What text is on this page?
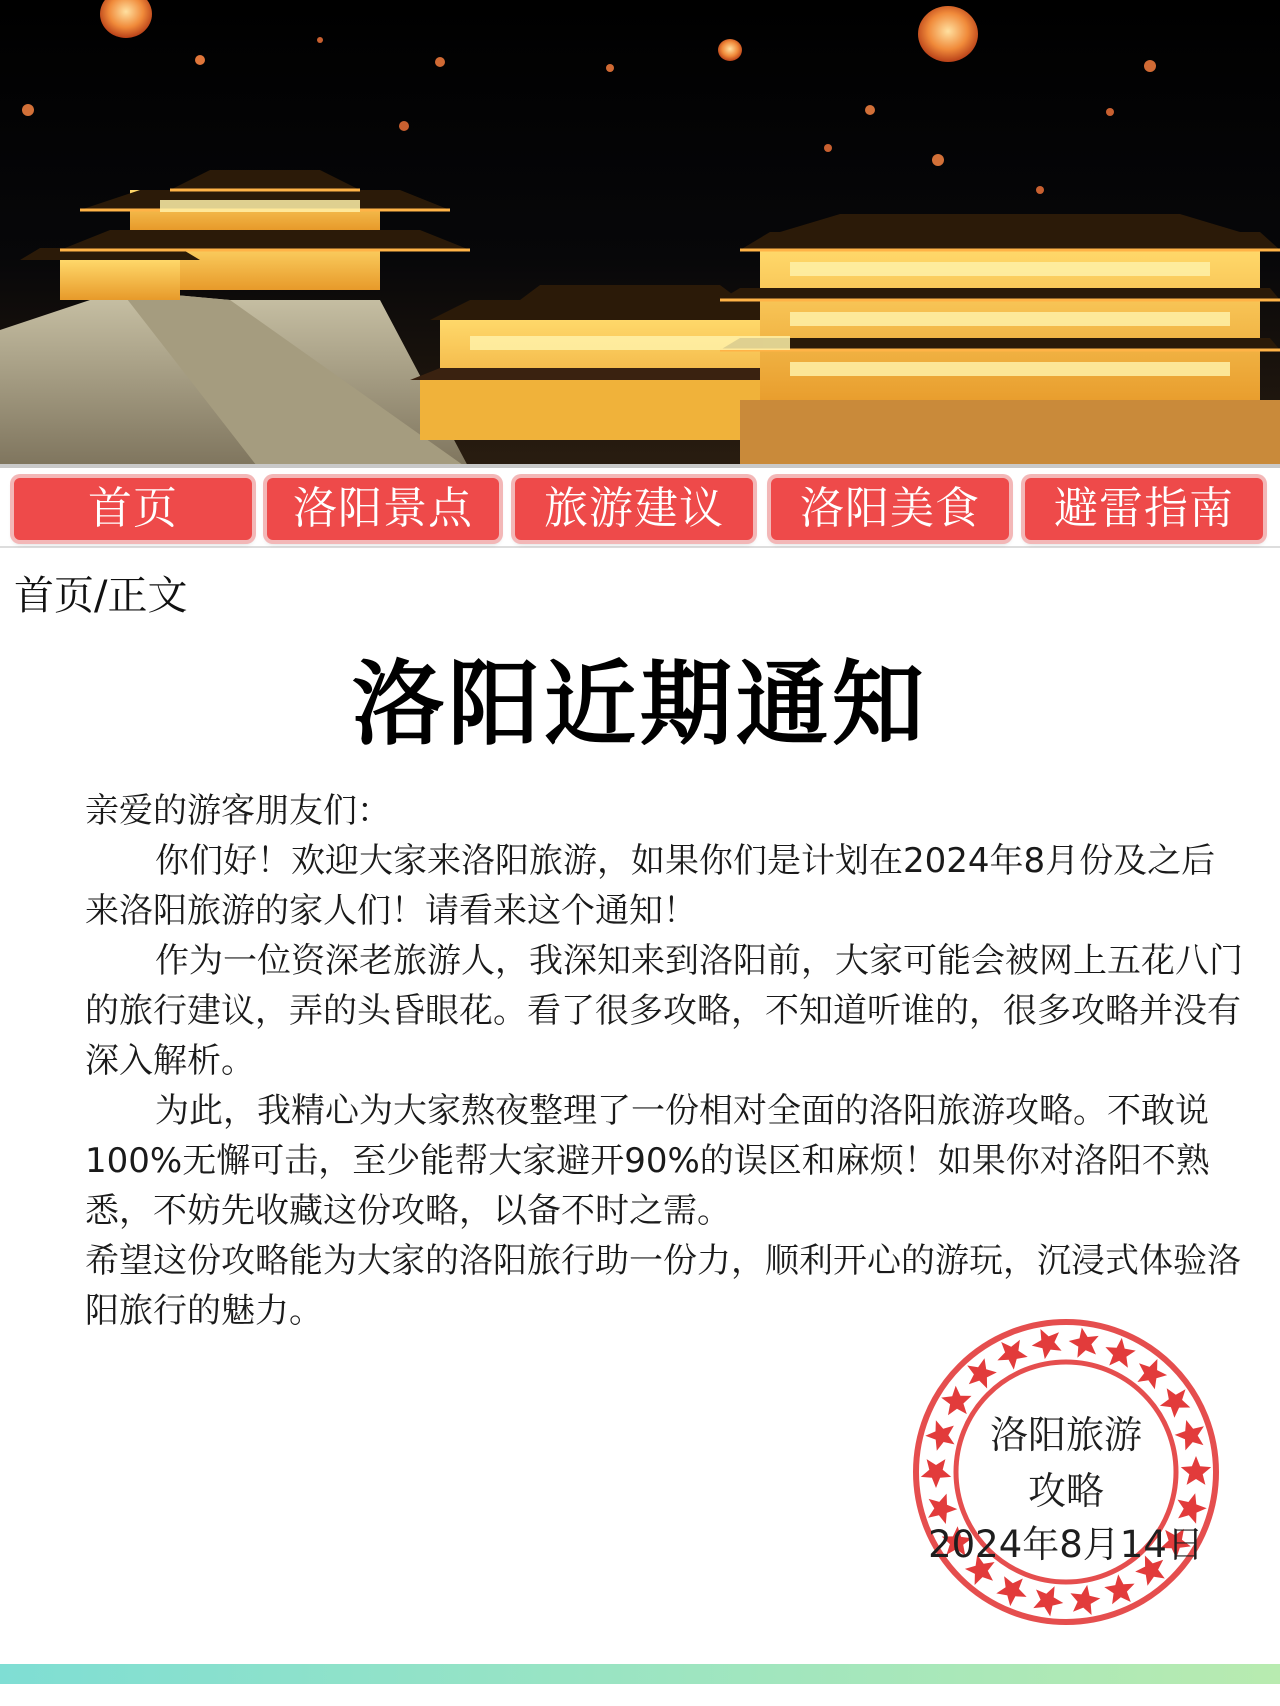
首页	洛阳景点	旅游建议	洛阳美食	避雷指南
首页/正文
洛阳近期通知

亲爱的游客朋友们：

你们好！欢迎大家来洛阳旅游，如果你们是计划在2024年8月份及之后来洛阳旅游的家人们！请看来这个通知！

作为一位资深老旅游人，我深知来到洛阳前，大家可能会被网上五花八门的旅行建议，弄的头昏眼花。看了很多攻略，不知道听谁的，很多攻略并没有深入解析。

为此，我精心为大家熬夜整理了一份相对全面的洛阳旅游攻略。不敢说100%无懈可击，至少能帮大家避开90%的误区和麻烦！如果你对洛阳不熟悉，不妨先收藏这份攻略，以备不时之需。

希望这份攻略能为大家的洛阳旅行助一份力，顺利开心的游玩，沉浸式体验洛阳旅行的魅力。

洛阳旅游
攻略
2024年8月14日
